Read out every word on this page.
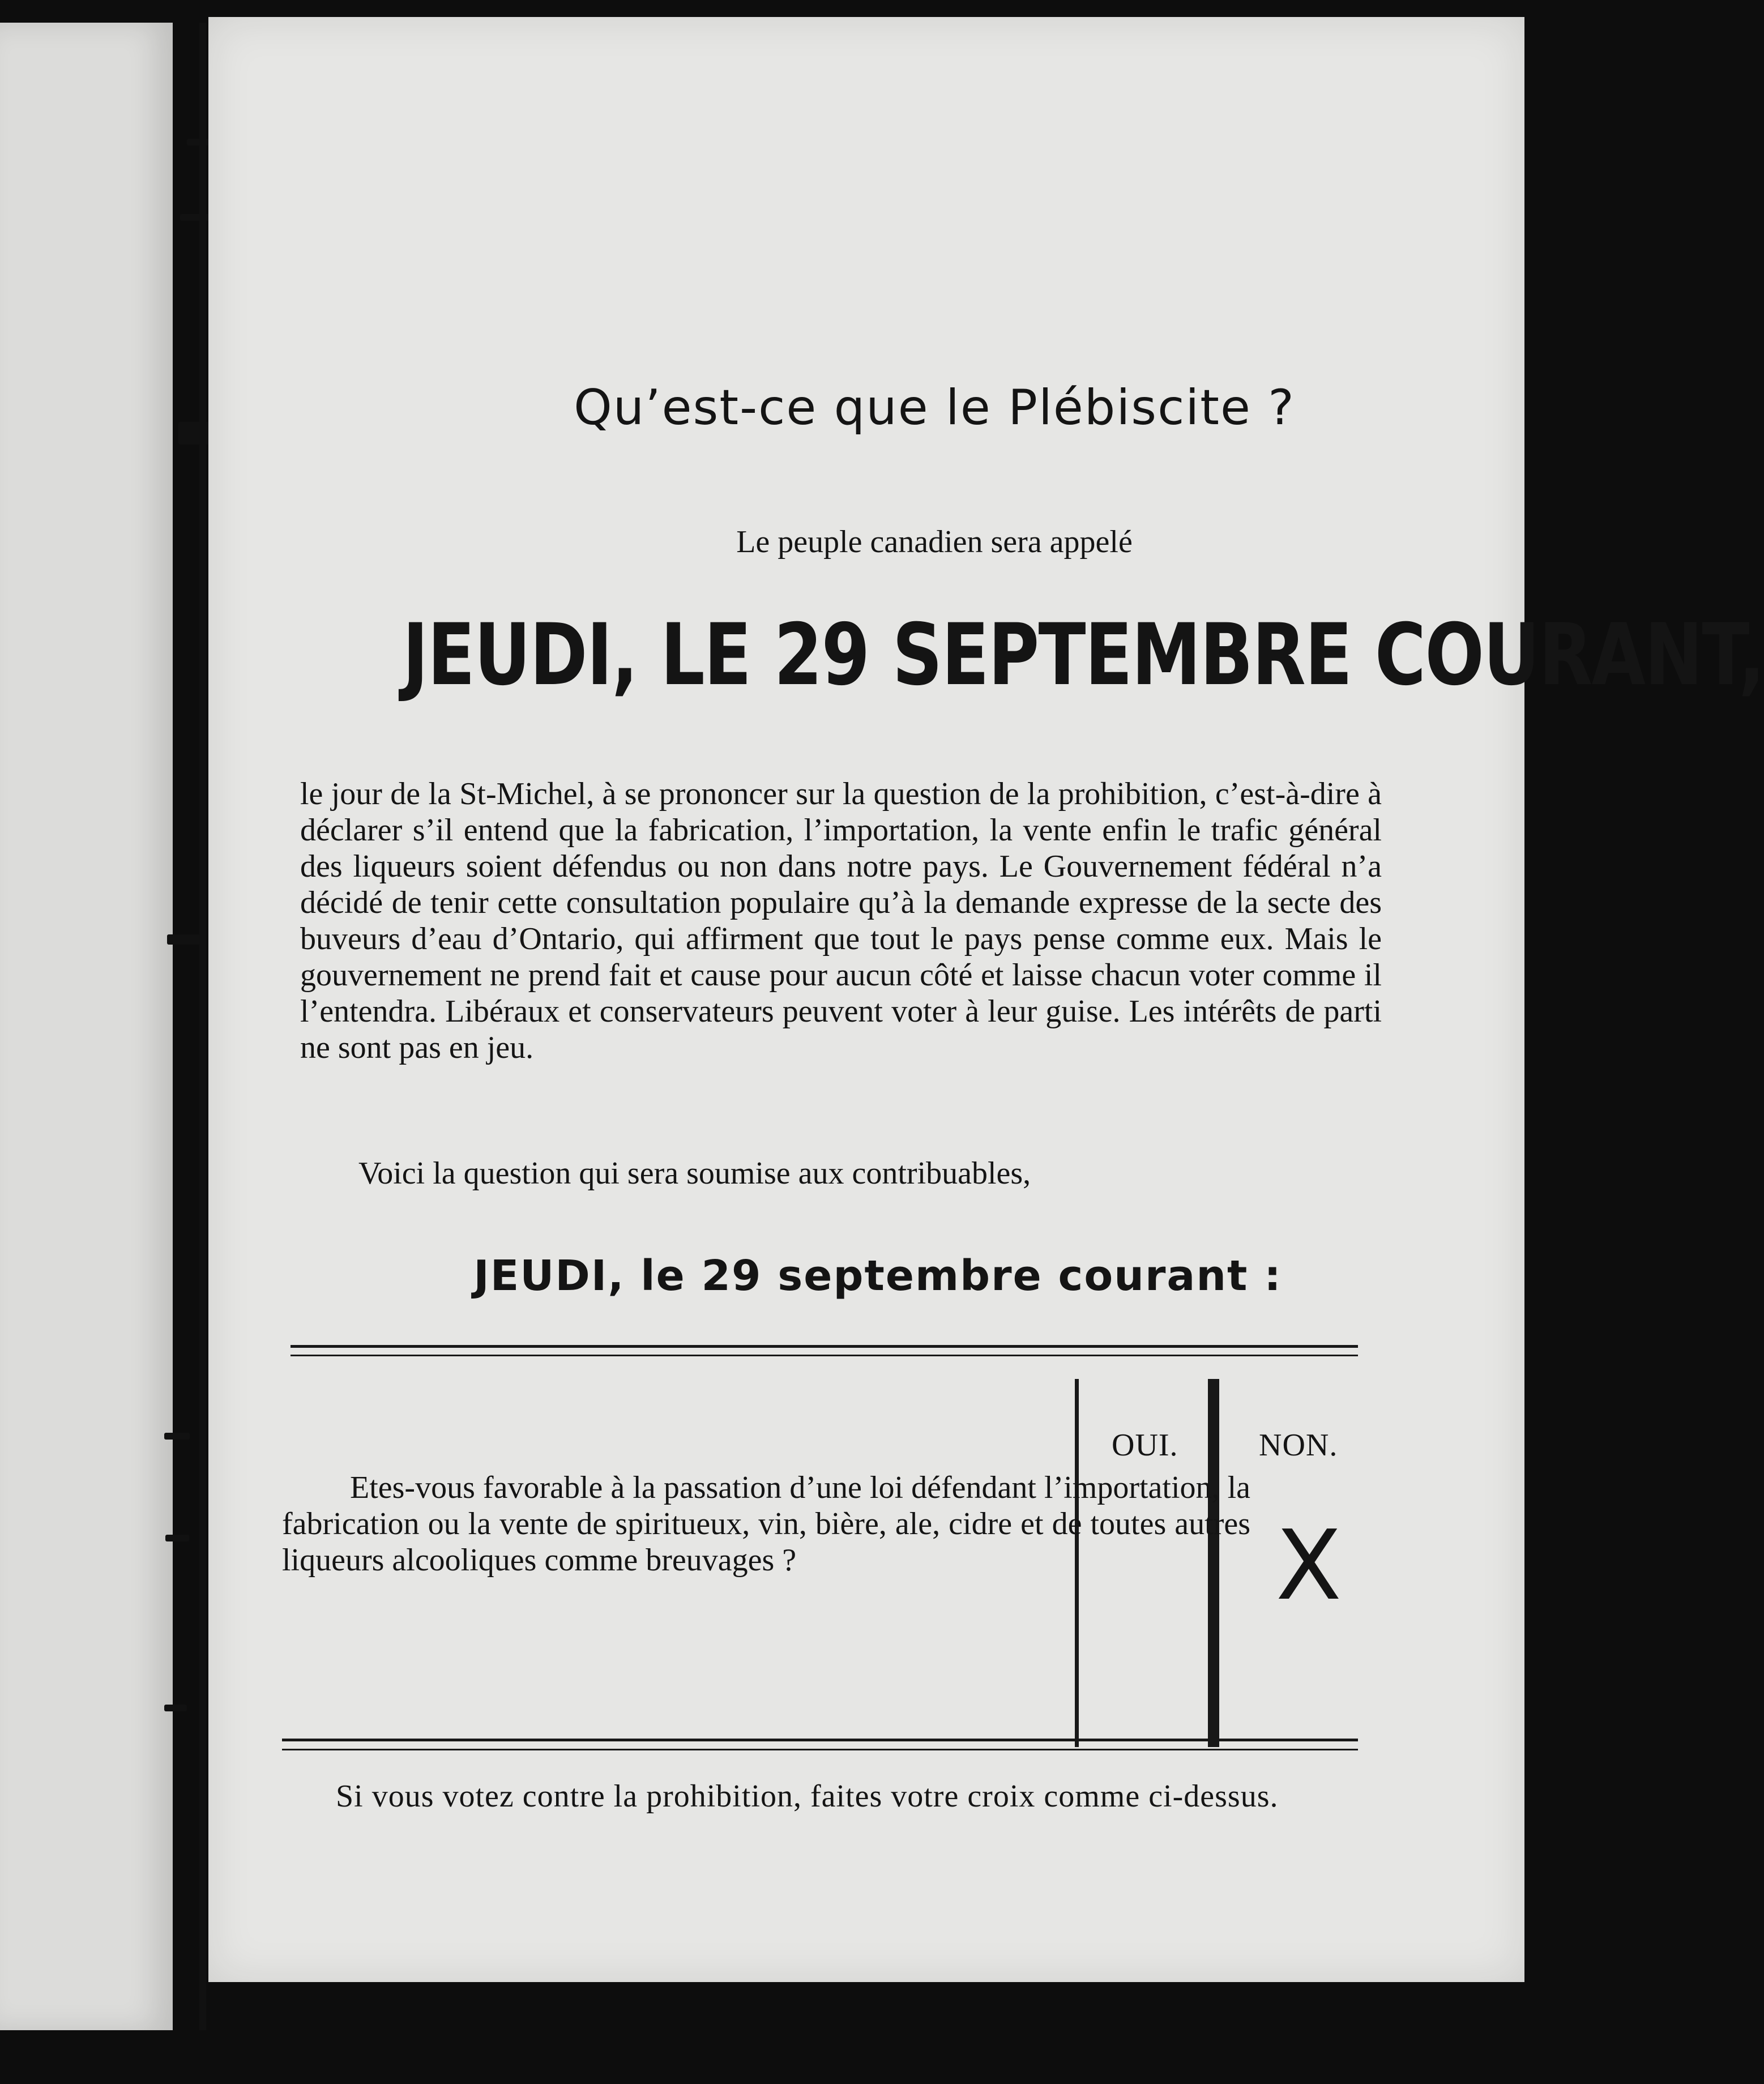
Qu’est-ce que le Plébiscite ?
Le peuple canadien sera appelé
JEUDI, LE 29 SEPTEMBRE COURANT,
le jour de la St-Michel, à se prononcer sur la question de la prohibition, c’est-à-dire à déclarer s’il entend que la fabrication, l’importation, la vente enfin le trafic général des liqueurs soient défendus ou non dans notre pays. Le Gouvernement fédéral n’a décidé de tenir cette consultation populaire qu’à la demande expresse de la secte des buveurs d’eau d’Ontario, qui affirment que tout le pays pense comme eux. Mais le gouvernement ne prend fait et cause pour aucun côté et laisse chacun voter comme il l’entendra. Libéraux et conservateurs peuvent voter à leur guise. Les intérêts de parti ne sont pas en jeu.
Voici la question qui sera soumise aux contribuables,
JEUDI, le 29 septembre courant :
Etes-vous favorable à la passation d’une loi défendant l’importation, la fabrication ou la vente de spiritueux, vin, bière, ale, cidre et de toutes autres liqueurs alcooliques comme breuvages ?
OUI.	NON.
X
Si vous votez contre la prohibition, faites votre croix comme ci-dessus.
